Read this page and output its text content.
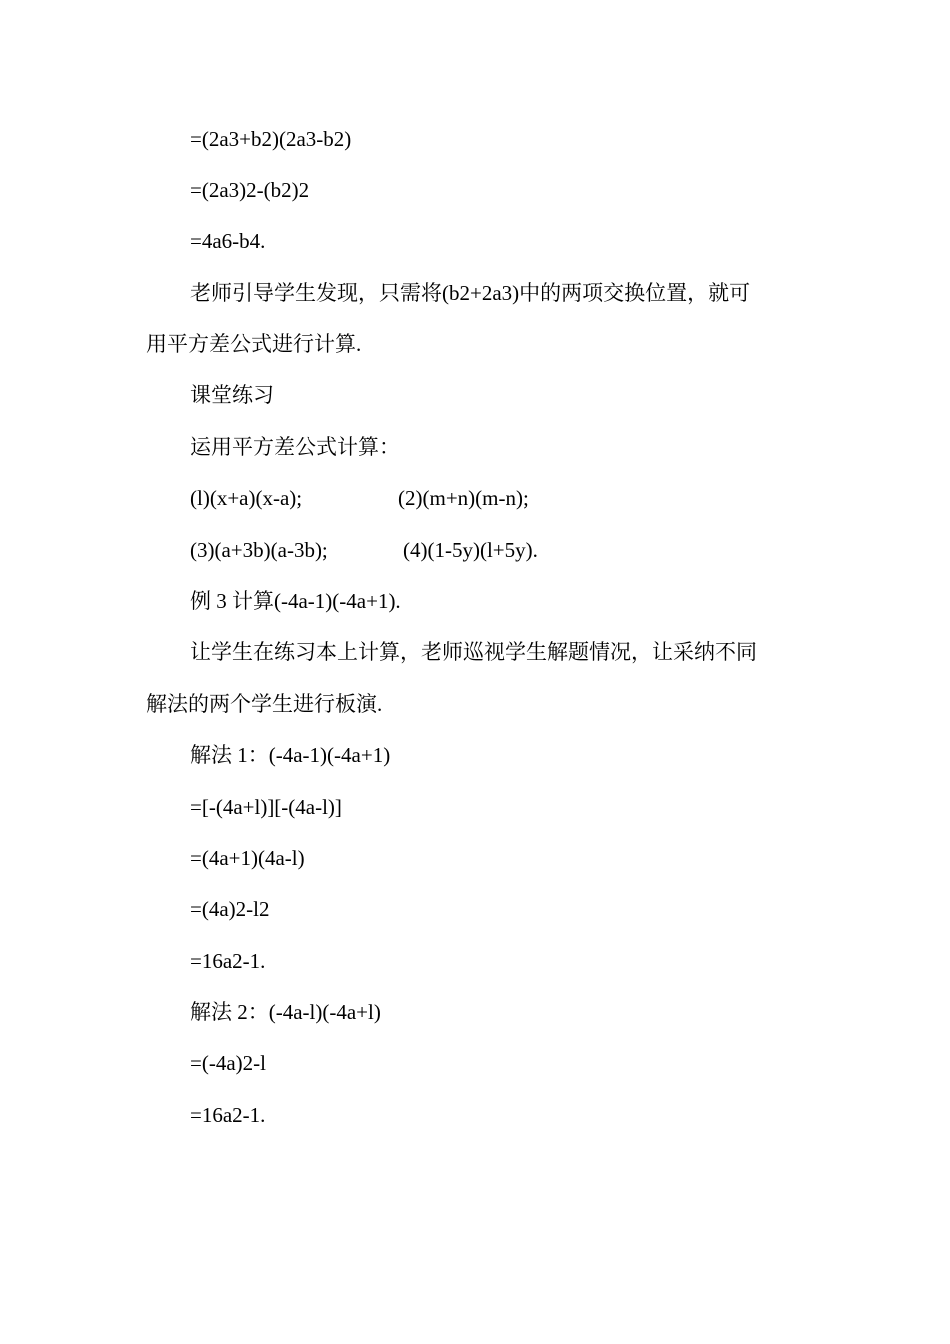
=(2a3+b2)(2a3-b2)
=(2a3)2-(b2)2
=4a6-b4.
老师引导学生发现，只需将(b2+2a3)中的两项交换位置，就可
用平方差公式进行计算.
课堂练习
运用平方差公式计算：
(l)(x+a)(x-a);	(2)(m+n)(m-n);
(3)(a+3b)(a-3b);	(4)(1-5y)(l+5y).
例 3 计算(-4a-1)(-4a+1).
让学生在练习本上计算，老师巡视学生解题情况，让采纳不同
解法的两个学生进行板演.
解法 1：(-4a-1)(-4a+1)
=[-(4a+l)][-(4a-l)]
=(4a+1)(4a-l)
=(4a)2-l2
=16a2-1.
解法 2：(-4a-l)(-4a+l)
=(-4a)2-l
=16a2-1.
